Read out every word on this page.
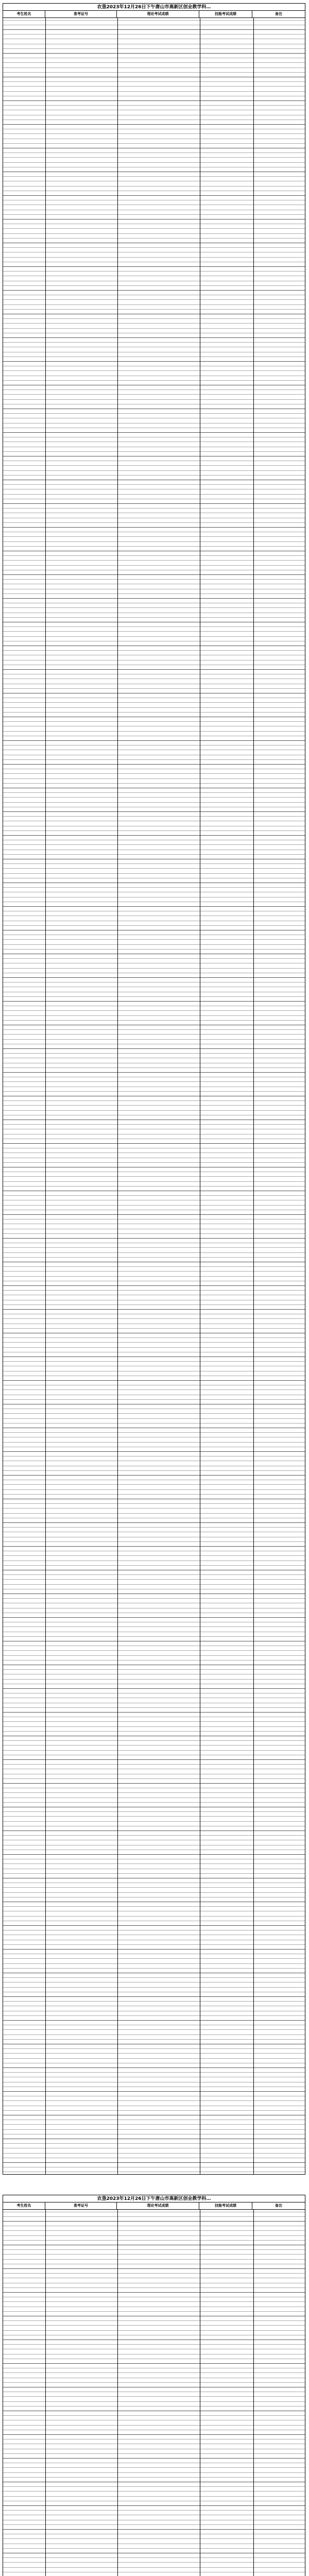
农垦2023年12月26日下午唐山市高新区创业教学科…
考生姓名	准考证号	理论考试成绩	技能考试成绩	备注
农垦2023年12月26日下午唐山市高新区创业教学科…
考生姓名	准考证号	理论考试成绩	技能考试成绩	备注
